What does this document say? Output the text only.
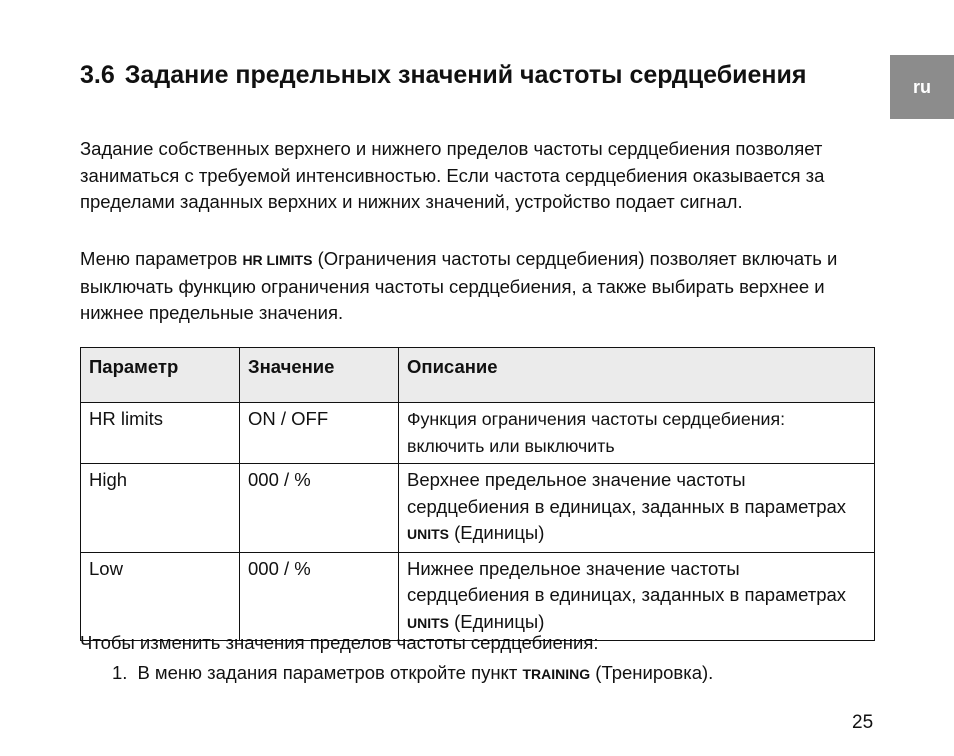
3.6 Задание предельных значений частоты сердцебиения	ru

Задание собственных верхнего и нижнего пределов частоты сердцебиения позволяет заниматься с требуемой интенсивностью. Если частота сердцебиения оказывается за пределами заданных верхних и нижних значений, устройство подает сигнал.

Меню параметров HR LIMITS (Ограничения частоты сердцебиения) позволяет включать и выключать функцию ограничения частоты сердцебиения, а также выбирать верхнее и нижнее предельные значения.

Параметр	Значение	Описание
HR limits	ON / OFF	Функция ограничения частоты сердцебиения: включить или выключить
High	000 / %	Верхнее предельное значение частоты сердцебиения в единицах, заданных в параметрах UNITS (Единицы)
Low	000 / %	Нижнее предельное значение частоты сердцебиения в единицах, заданных в параметрах UNITS (Единицы)
Чтобы изменить значения пределов частоты сердцебиения:
1. В меню задания параметров откройте пункт TRAINING (Тренировка).
25
